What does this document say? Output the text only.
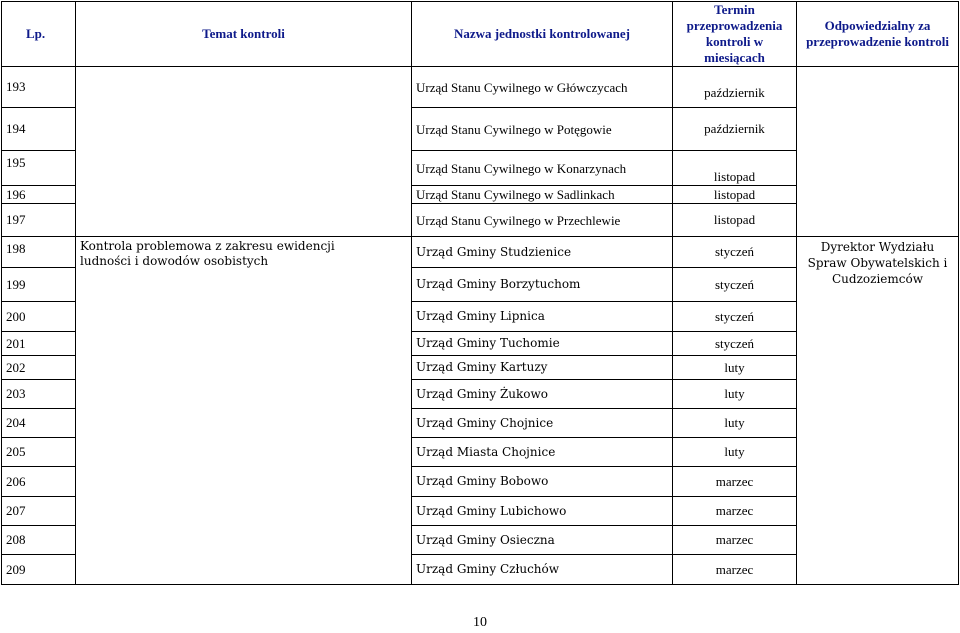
Lp.	Temat kontroli	Nazwa jednostki kontrolowanej	Termin przeprowadzenia kontroli w miesiącach	Odpowiedzialny za przeprowadzenie kontroli
193		Urząd Stanu Cywilnego w Główczycach	październik	
194		Urząd Stanu Cywilnego w Potęgowie	październik	
195		Urząd Stanu Cywilnego w Konarzynach	listopad	
196		Urząd Stanu Cywilnego w Sadlinkach	listopad	
197		Urząd Stanu Cywilnego w Przechlewie	listopad	
198	Kontrola problemowa z zakresu ewidencji ludności i dowodów osobistych	Urząd Gminy Studzienice	styczeń	Dyrektor Wydziału Spraw Obywatelskich i Cudzoziemców

199		Urząd Gminy Borzytuchom	styczeń	
200		Urząd Gminy Lipnica	styczeń	
201		Urząd Gminy Tuchomie	styczeń	
202		Urząd Gminy Kartuzy	luty	
203		Urząd Gminy Żukowo	luty	
204		Urząd Gminy Chojnice	luty	
205		Urząd Miasta Chojnice	luty	
206		Urząd Gminy Bobowo	marzec	
207		Urząd Gminy Lubichowo	marzec	
208		Urząd Gminy Osieczna	marzec	
209		Urząd Gminy Człuchów	marzec	
10
